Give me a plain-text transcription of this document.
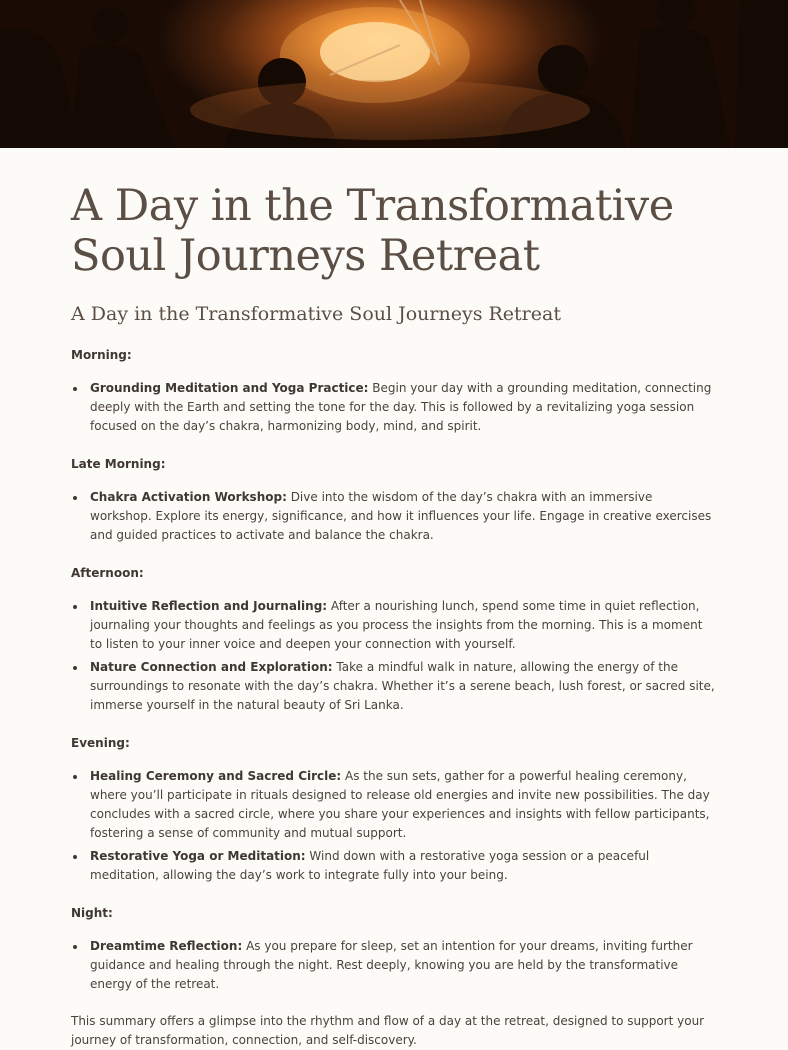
A Day in the Transformative Soul Journeys Retreat
A Day in the Transformative Soul Journeys Retreat
Morning:
Grounding Meditation and Yoga Practice: Begin your day with a grounding meditation, connecting deeply with the Earth and setting the tone for the day. This is followed by a revitalizing yoga session focused on the day’s chakra, harmonizing body, mind, and spirit.
Late Morning:
Chakra Activation Workshop: Dive into the wisdom of the day’s chakra with an immersive workshop. Explore its energy, significance, and how it influences your life. Engage in creative exercises and guided practices to activate and balance the chakra.
Afternoon:
Intuitive Reflection and Journaling: After a nourishing lunch, spend some time in quiet reflection, journaling your thoughts and feelings as you process the insights from the morning. This is a moment to listen to your inner voice and deepen your connection with yourself.
Nature Connection and Exploration: Take a mindful walk in nature, allowing the energy of the surroundings to resonate with the day’s chakra. Whether it’s a serene beach, lush forest, or sacred site, immerse yourself in the natural beauty of Sri Lanka.
Evening:
Healing Ceremony and Sacred Circle: As the sun sets, gather for a powerful healing ceremony, where you’ll participate in rituals designed to release old energies and invite new possibilities. The day concludes with a sacred circle, where you share your experiences and insights with fellow participants, fostering a sense of community and mutual support.
Restorative Yoga or Meditation: Wind down with a restorative yoga session or a peaceful meditation, allowing the day’s work to integrate fully into your being.
Night:
Dreamtime Reflection: As you prepare for sleep, set an intention for your dreams, inviting further guidance and healing through the night. Rest deeply, knowing you are held by the transformative energy of the retreat.

This summary offers a glimpse into the rhythm and flow of a day at the retreat, designed to support your journey of transformation, connection, and self-discovery.
